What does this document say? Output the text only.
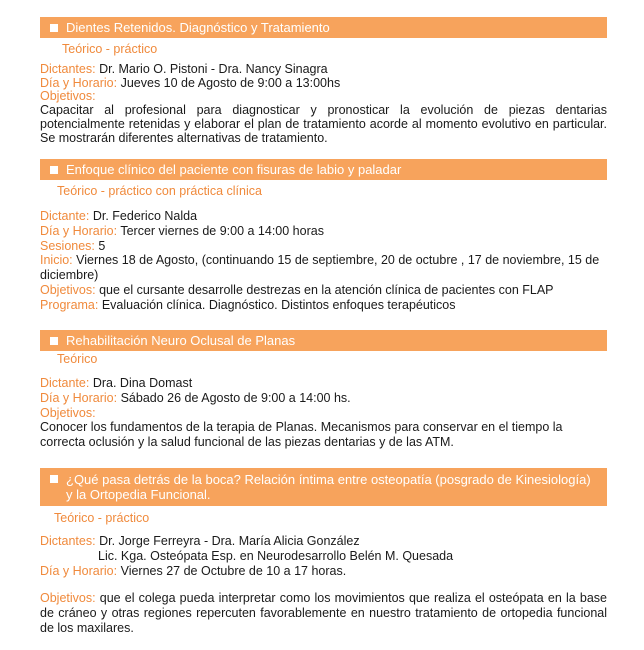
Dientes Retenidos. Diagnóstico y Tratamiento
Teórico - práctico
Dictantes: Dr. Mario O. Pistoni - Dra. Nancy Sinagra
Día y Horario: Jueves 10 de Agosto de 9:00 a 13:00hs
Objetivos:
Capacitar al profesional para diagnosticar y pronosticar la evolución de piezas dentarias potencialmente retenidas y elaborar el plan de tratamiento acorde al momento evolutivo en particular. Se mostrarán diferentes alternativas de tratamiento.
Enfoque clínico del paciente con fisuras de labio y paladar
Teórico - práctico con práctica clínica
Dictante: Dr. Federico Nalda
Día y Horario: Tercer viernes de 9:00 a 14:00 horas
Sesiones: 5
Inicio: Viernes 18 de Agosto, (continuando 15 de septiembre, 20 de octubre , 17 de noviembre, 15 de diciembre)
Objetivos: que el cursante desarrolle destrezas en la atención clínica de pacientes con FLAP
Programa: Evaluación clínica. Diagnóstico. Distintos enfoques terapéuticos
Rehabilitación Neuro Oclusal de Planas
Teórico
Dictante: Dra. Dina Domast
Día y Horario: Sábado 26 de Agosto de 9:00 a 14:00 hs.
Objetivos:
Conocer los fundamentos de la terapia de Planas. Mecanismos para conservar en el tiempo la correcta oclusión y la salud funcional de las piezas dentarias y de las ATM.
¿Qué pasa detrás de la boca? Relación íntima entre osteopatía (posgrado de Kinesiología) y la Ortopedia Funcional.
Teórico - práctico
Dictantes: Dr. Jorge Ferreyra - Dra. María Alicia González
Lic. Kga. Osteópata Esp. en Neurodesarrollo Belén M. Quesada
Día y Horario: Viernes 27 de Octubre de 10 a 17 horas.
Objetivos: que el colega pueda interpretar como los movimientos que realiza el osteópata en la base de cráneo y otras regiones repercuten favorablemente en nuestro tratamiento de ortopedia funcional de los maxilares.
